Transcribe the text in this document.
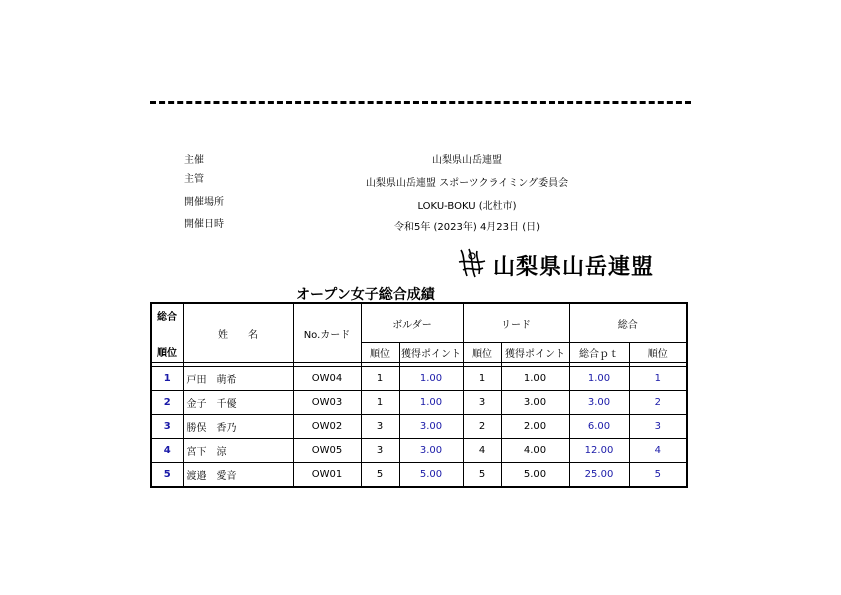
主催	山梨県山岳連盟
主管	山梨県山岳連盟 スポーツクライミング委員会
開催場所	LOKU-BOKU (北杜市)
開催日時	令和5年 (2023年) 4月23日 (日)
山梨県山岳連盟
オープン女子総合成績
総合
順位	姓　　名	No.カード	ボルダー		リード		総合	
			順位	獲得ポイント	順位	獲得ポイント	総合ｐｔ	順位

1	戸田　萌希	OW04	1	1.00	1	1.00	1.00	1
2	金子　千優	OW03	1	1.00	3	3.00	3.00	2
3	勝俣　香乃	OW02	3	3.00	2	2.00	6.00	3
4	宮下　涼	OW05	3	3.00	4	4.00	12.00	4
5	渡邉　愛音	OW01	5	5.00	5	5.00	25.00	5
